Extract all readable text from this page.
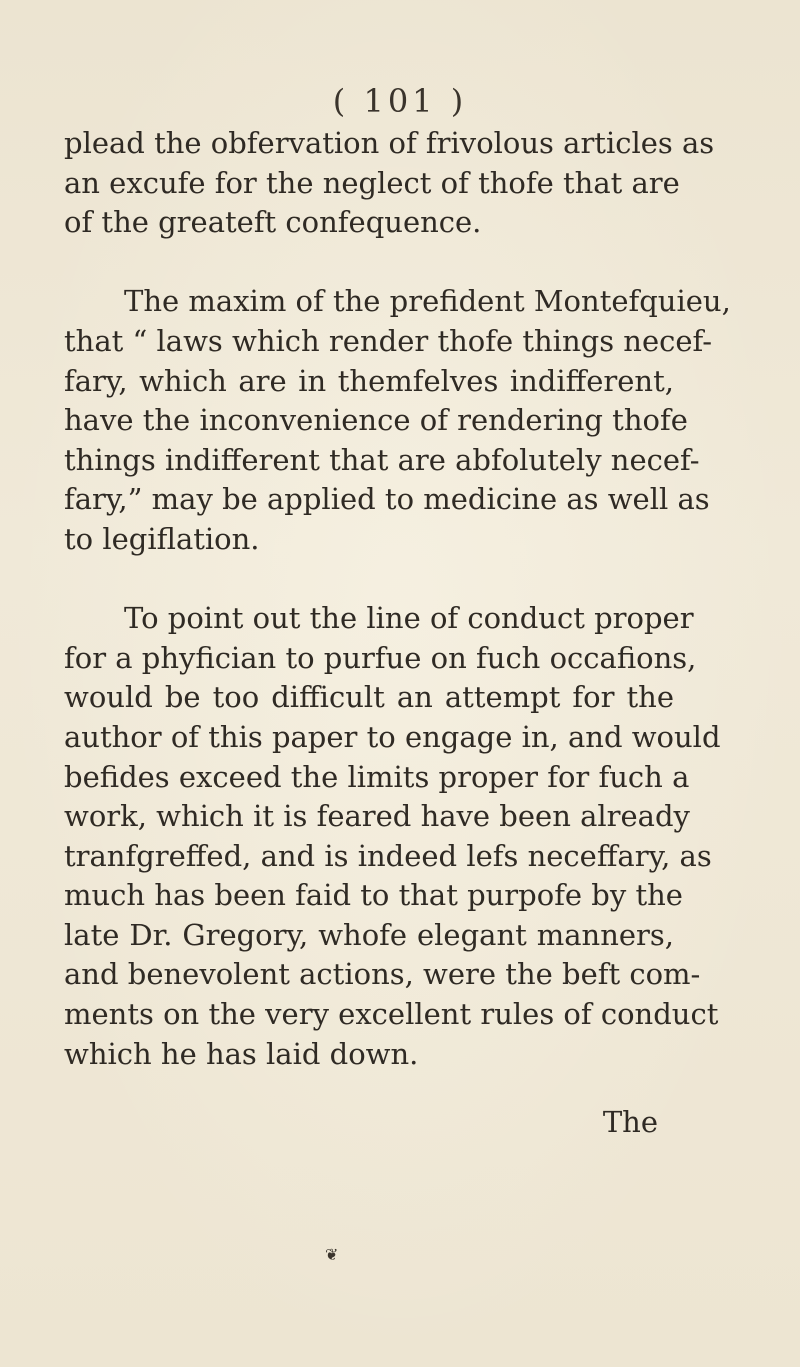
( 101 )
plead the obfervation of frivolous articles as
an excufe for the neglect of thofe that are
of the greateft confequence.
The maxim of the prefident Montefquieu,
that “ laws which render thofe things necef-
fary, which are in themfelves indifferent,
have the inconvenience of rendering thofe
things indifferent that are abfolutely necef-
fary,” may be applied to medicine as well as
to legiflation.
To point out the line of conduct proper
for a phyfician to purfue on fuch occafions,
would be too difficult an attempt for the
author of this paper to engage in, and would
befides exceed the limits proper for fuch a
work, which it is feared have been already
tranfgreffed, and is indeed lefs neceffary, as
much has been faid to that purpofe by the
late Dr. Gregory, whofe elegant manners,
and benevolent actions, were the beft com-
ments on the very excellent rules of conduct
which he has laid down.
The
❦
